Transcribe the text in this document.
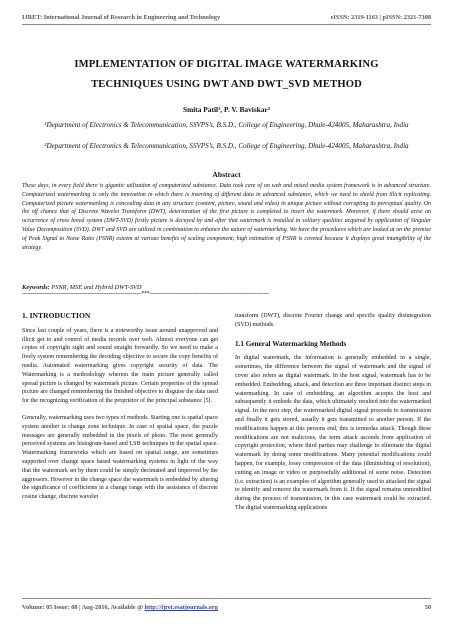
IJRET: International Journal of Research in Engineering and Technology	eISSN: 2319-1163 | pISSN: 2321-7308
IMPLEMENTATION OF DIGITAL IMAGE WATERMARKING
TECHNIQUES USING DWT AND DWT_SVD METHOD
Smita Patil¹, P. V. Baviskar²
¹Department of Electronics & Telecommunication, SSVPS’s, B.S.D., College of Engineering, Dhule-424005, Maharashtra, India
²Department of Electronics & Telecommunication, SSVPS’s, B.S.D., College of Engineering, Dhule-424005, Maharashtra, India
Abstract
These days, in every field there is gigantic utilization of computerized substance. Data took care of on web and mixed media system framework is in advanced structure. Computerized watermarking is only the innovation in which there is inserting of different data in advanced substance, which we need to shield from illicit replicating. Computerized picture watermarking is concealing data in any structure (content, picture, sound and video) in unique picture without corrupting its perceptual quality. On the off chance that of Discrete Wavelet Transform (DWT), deterioration of the first picture is completed to insert the watermark. Moreover, if there should arise an occurrence of cross breed system (DWT-SVD) firstly picture is decayed by and after that watermark is installed in solitary qualities acquired by application of Singular Value Decomposition (SVD). DWT and SVD are utilized in combination to enhance the nature of watermarking. We have the procedures which are looked at on the premise of Peak Signal to Noise Ratio (PSNR) esteem at various benefits of scaling component; high estimation of PSNR is coveted because it displays great intangibility of the strategy.
Keywords: PSNR, MSE and Hybrid DWT-SVD
---------------------------------------------------------------------***---------------------------------------------------------------------
1. INTRODUCTION

Since last couple of years, there is a noteworthy issue around unapproved and illicit get to and control of media records over web. Almost everyone can get copies of copyright sight and sound straight forwardly. So we need to make a lively system remembering the decoding objective to secure the copy benefits of media. Automated watermarking gives copyright security of data. The Watermarking is a methodology wherein the main picture generally called spread picture is changed by watermark picture. Certain properties of the spread picture are changed remembering the finished objective to disguise the data used for the recognizing verification of the proprietor of the principal substance [5].

Generally, watermarking uses two types of methods. Starting one is spatial space system another is change zone technique. In case of spatial space, the puzzle messages are generally embedded in the pixels of photo. The most generally perceived systems are histogram-based and LSB techniques in the spatial space. Watermarking frameworks which are based on spatial range, are sometimes supported over change space based watermarking systems in light of the way that the watermark set by them could be simply decimated and improved by the aggressors. However in the change space the watermark is embedded by altering the significance of coefficients in a change range with the assistance of discrete cosine change, discrete wavelet

transform (DWT), discrete Fourier change and specific quality disintegration (SVD) methods.

1.1 General Watermarking Methods

In digital watermark, the information is generally embedded in a single, sometimes, the difference between the signal of watermark and the signal of cover also refers as digital watermark. In the host signal, watermark has to be embedded. Embedding, attack, and detection are three important distinct steps in watermarking. In case of embedding, an algorithm accepts the host and subsequently it embeds the data, which ultimately resulted into the watermarked signal. In the next step, the watermarked digital signal proceeds to transmission and finally it gets stored, usually it gets transmitted to another person. If the modifications happen at this persons end, this is termedas attack. Though these modifications are not malicious, the term attack ascends from application of copyright protection, where third parties may challenge to eliminate the digital watermark by doing some modifications. Many potential modifications could happen, for example, lossy compression of the data (diminishing of resolution), cutting an image or video or purposefully additional of some noise. Detection (i.e. extraction) is an examples of algorithm generally used to attacked the signal to identify and remove the watermark from it. If the signal remains unmodified during the process of transmission, in this case watermark could be extracted. The digital watermarking applications

Volume: 05 Issue: 08 | Aug-2016, Available @ http://ijret.esatjournals.org	50
